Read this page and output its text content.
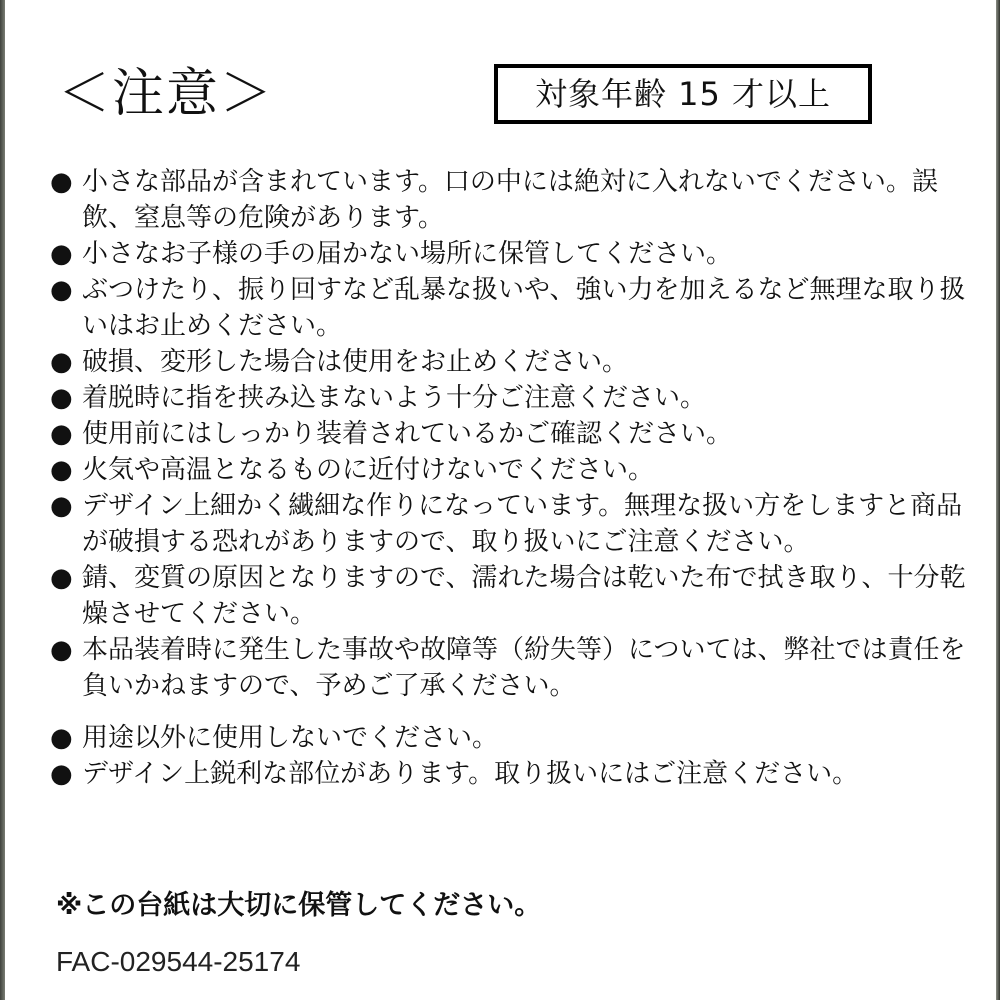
＜注意＞	対象年齢 15 才以上
● 小さな部品が含まれています。口の中には絶対に入れないでください。誤飲、窒息等の危険があります。
● 小さなお子様の手の届かない場所に保管してください。
● ぶつけたり、振り回すなど乱暴な扱いや、強い力を加えるなど無理な取り扱いはお止めください。
● 破損、変形した場合は使用をお止めください。
● 着脱時に指を挟み込まないよう十分ご注意ください。
● 使用前にはしっかり装着されているかご確認ください。
● 火気や高温となるものに近付けないでください。
● デザイン上細かく繊細な作りになっています。無理な扱い方をしますと商品が破損する恐れがありますので、取り扱いにご注意ください。
● 錆、変質の原因となりますので、濡れた場合は乾いた布で拭き取り、十分乾燥させてください。
● 本品装着時に発生した事故や故障等（紛失等）については、弊社では責任を負いかねますので、予めご了承ください。
● 用途以外に使用しないでください。
● デザイン上鋭利な部位があります。取り扱いにはご注意ください。
※この台紙は大切に保管してください。
FAC-029544-25174
